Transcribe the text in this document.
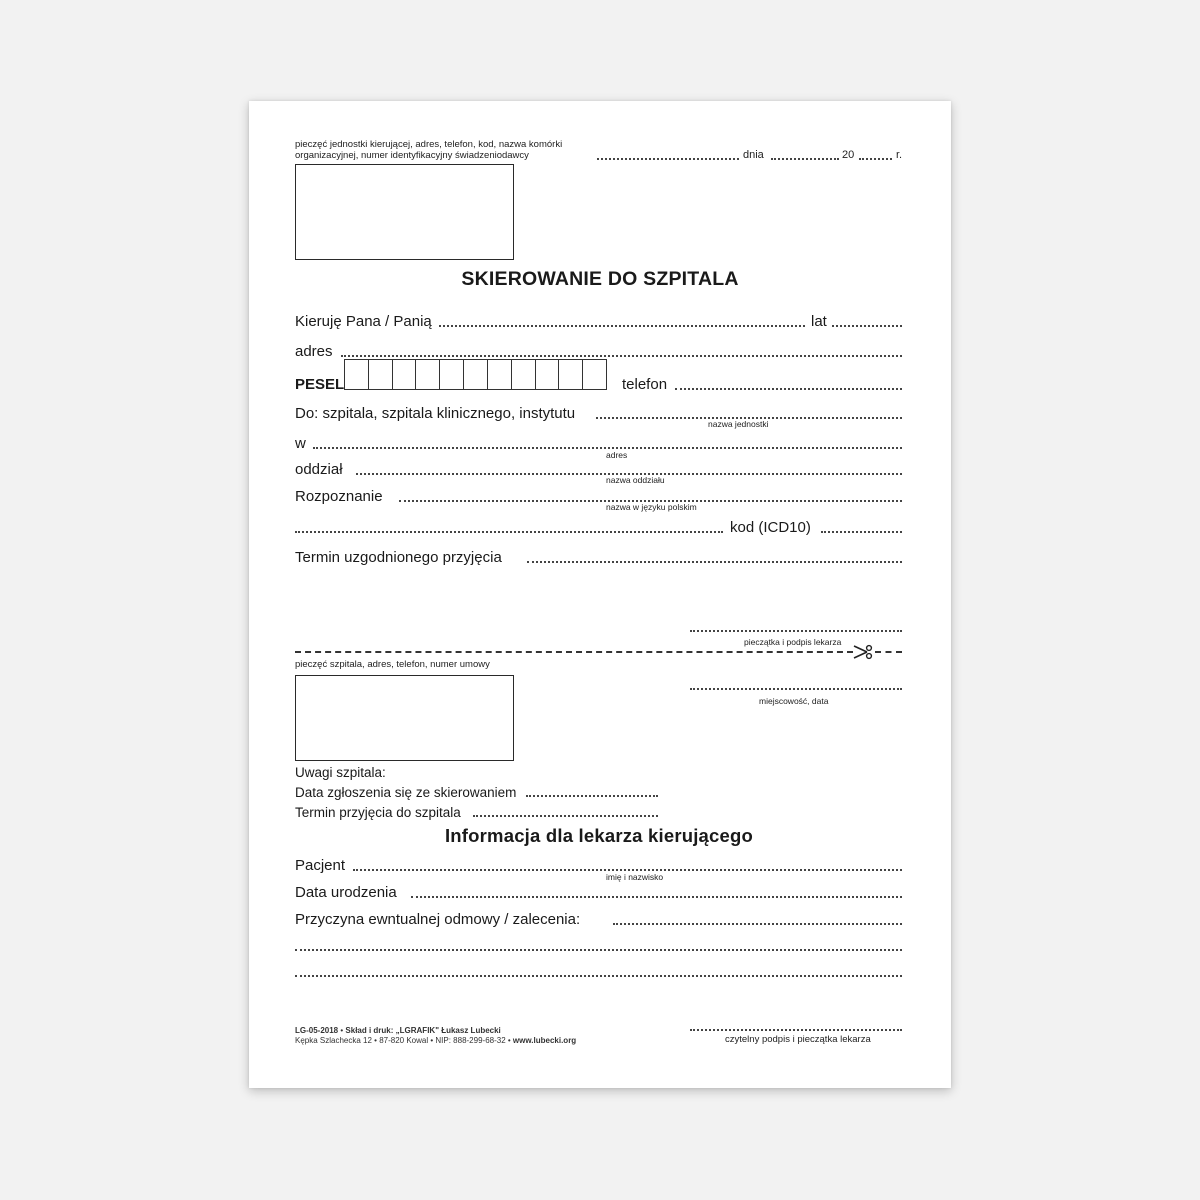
pieczęć jednostki kierującej, adres, telefon, kod, nazwa komórki
organizacyjnej, numer identyfikacyjny świadzeniodawcy	dnia	20	r.
SKIEROWANIE DO SZPITALA
Kieruję Pana / Panią	lat
adres
PESEL	telefon
Do: szpitala, szpitala klinicznego, instytutu
nazwa jednostki
w
adres
oddział
nazwa oddziału
Rozpoznanie
nazwa w języku polskim
kod (ICD10)
Termin uzgodnionego przyjęcia
pieczątka i podpis lekarza
pieczęć szpitala, adres, telefon, numer umowy
miejscowość, data
Uwagi szpitala:
Data zgłoszenia się ze skierowaniem
Termin przyjęcia do szpitala
Informacja dla lekarza kierującego
Pacjent
imię i nazwisko
Data urodzenia
Przyczyna ewntualnej odmowy / zalecenia:
czytelny podpis i pieczątka lekarza
LG-05-2018 • Skład i druk: „LGRAFIK" Łukasz Lubecki
Kępka Szlachecka 12 • 87-820 Kowal • NIP: 888-299-68-32 • www.lubecki.org
